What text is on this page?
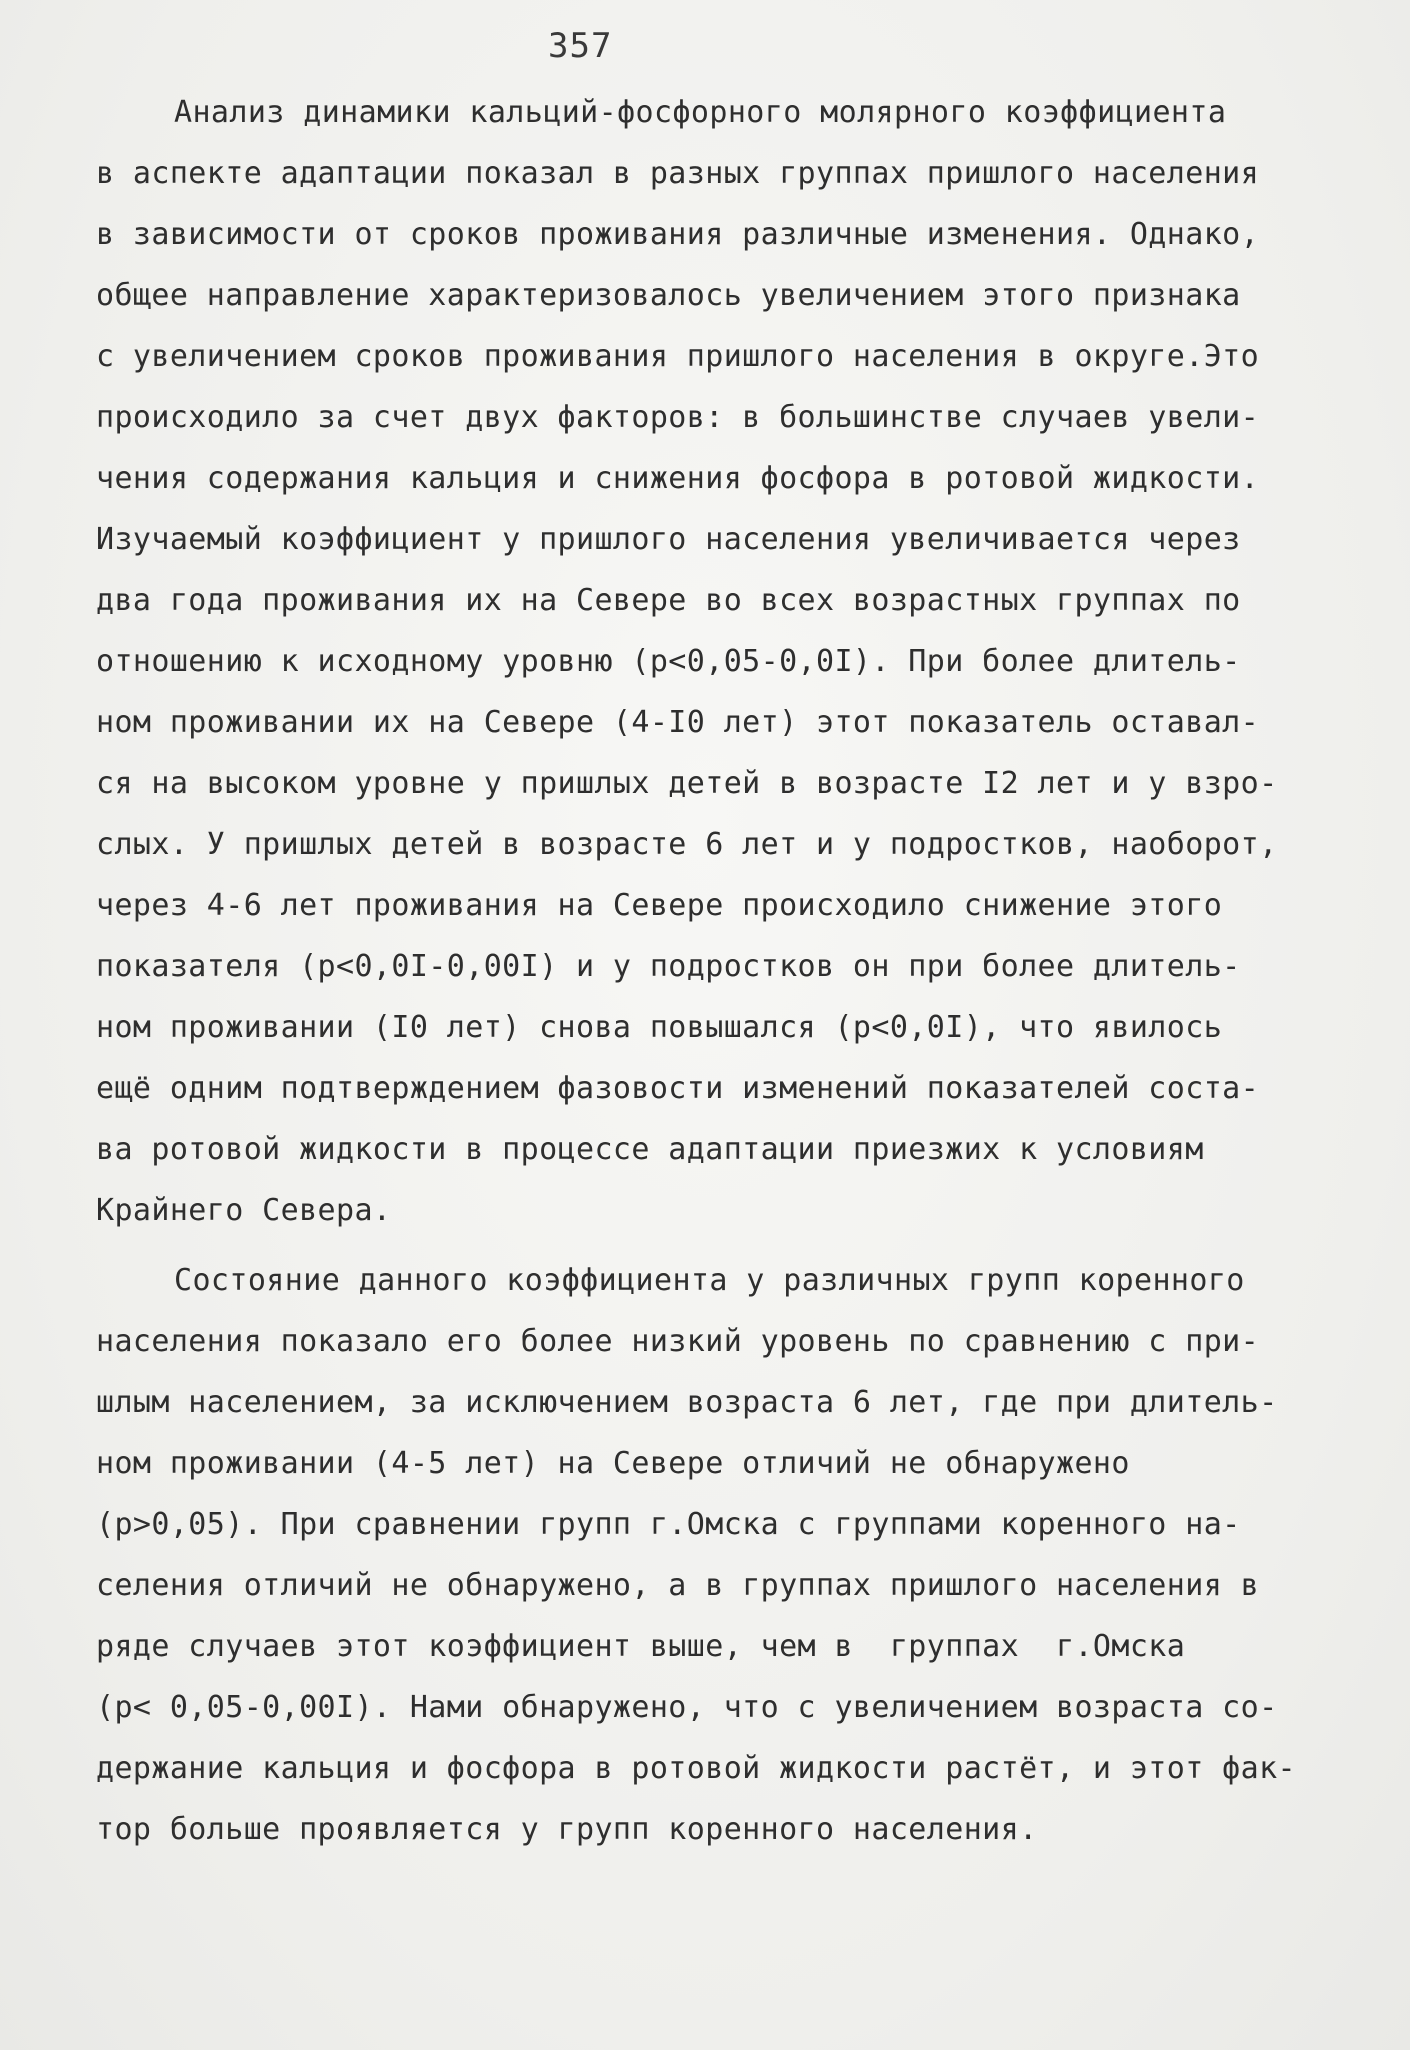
357
Анализ динамики кальций-фосфорного молярного коэффициента
в аспекте адаптации показал в разных группах пришлого населения
в зависимости от сроков проживания различные изменения. Однако,
общее направление характеризовалось увеличением этого признака
с увеличением сроков проживания пришлого населения в округе.Это
происходило за счет двух факторов: в большинстве случаев увели-
чения содержания кальция и снижения фосфора в ротовой жидкости.
Изучаемый коэффициент у пришлого населения увеличивается через
два года проживания их на Севере во всех возрастных группах по
отношению к исходному уровню (p<0,05-0,0I). При более длитель-
ном проживании их на Севере (4-I0 лет) этот показатель оставал-
ся на высоком уровне у пришлых детей в возрасте I2 лет и у взро-
слых. У пришлых детей в возрасте 6 лет и у подростков, наоборот,
через 4-6 лет проживания на Севере происходило снижение этого
показателя (p<0,0I-0,00I) и у подростков он при более длитель-
ном проживании (I0 лет) снова повышался (p<0,0I), что явилось
ещё одним подтверждением фазовости изменений показателей соста-
ва ротовой жидкости в процессе адаптации приезжих к условиям
Крайнего Севера.
Состояние данного коэффициента у различных групп коренного
населения показало его более низкий уровень по сравнению с при-
шлым населением, за исключением возраста 6 лет, где при длитель-
ном проживании (4-5 лет) на Севере отличий не обнаружено
(p>0,05). При сравнении групп г.Омска с группами коренного на-
селения отличий не обнаружено, а в группах пришлого населения в
ряде случаев этот коэффициент выше, чем в  группах  г.Омска
(p< 0,05-0,00I). Нами обнаружено, что с увеличением возраста со-
держание кальция и фосфора в ротовой жидкости растёт, и этот фак-
тор больше проявляется у групп коренного населения.
